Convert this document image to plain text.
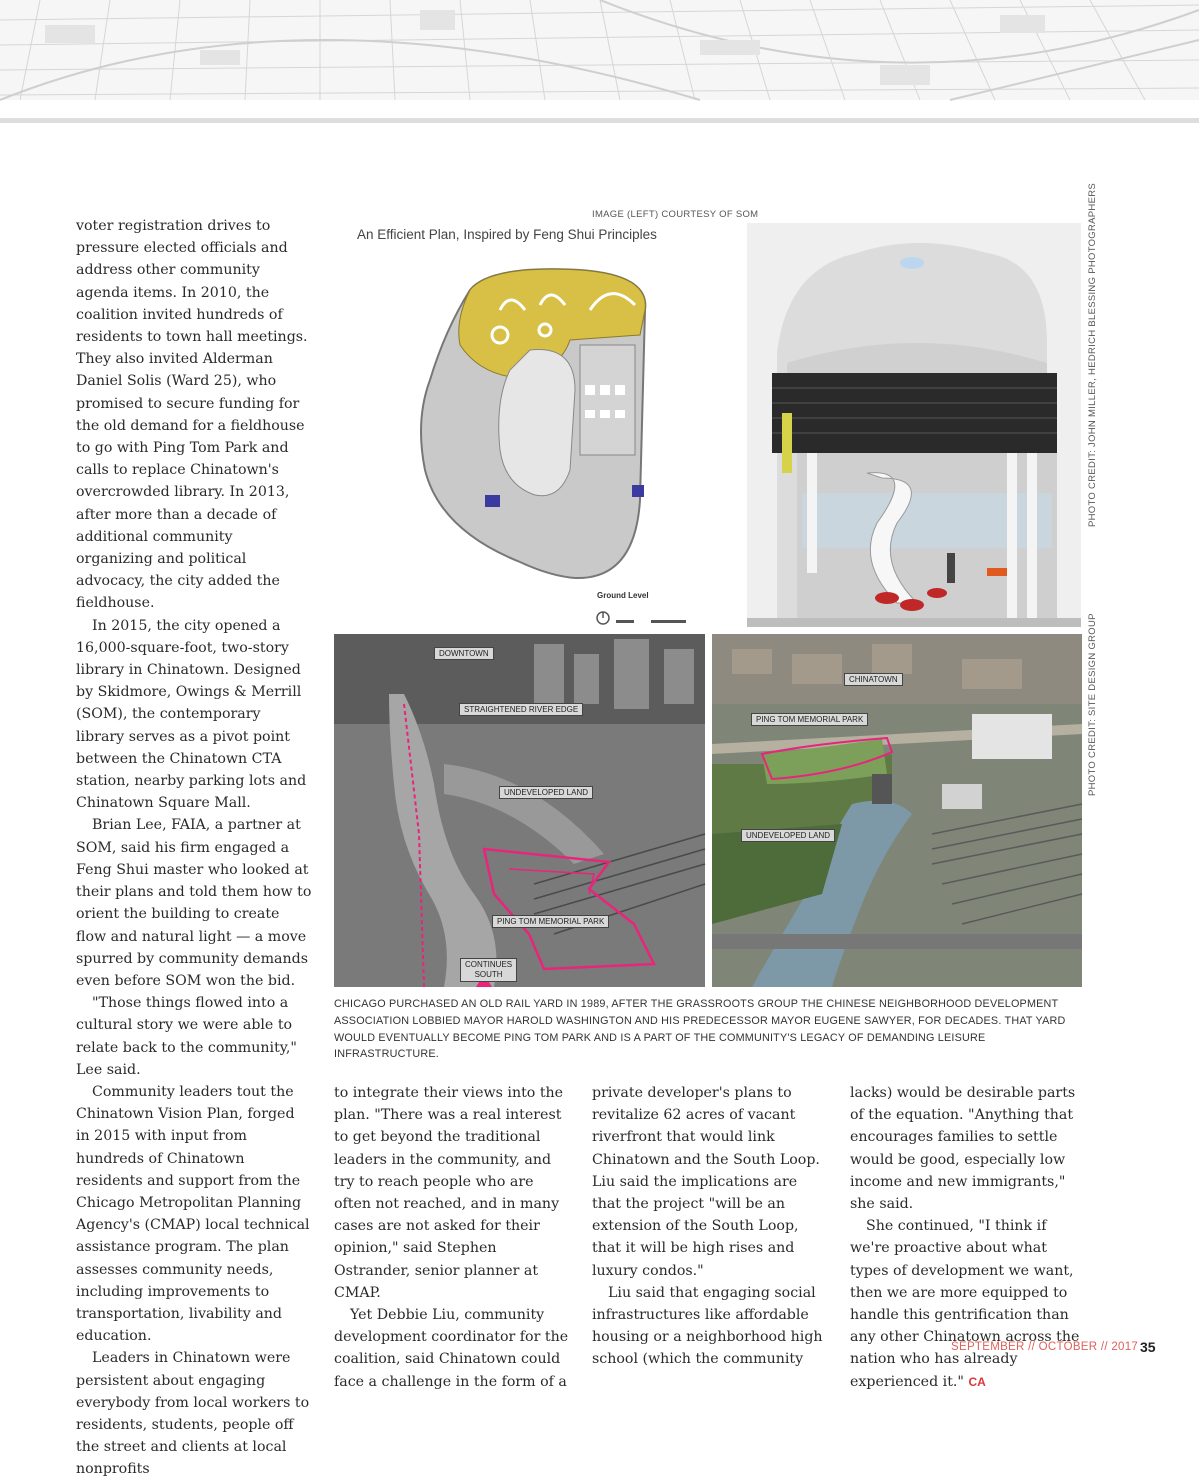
IMAGE (LEFT) COURTESY OF SOM	PHOTO CREDIT: JOHN MILLER, HEDRICH BLESSING PHOTOGRAPHERS
PHOTO CREDIT: SITE DESIGN GROUP
An Efficient Plan, Inspired by Feng Shui Principles
Ground Level
DOWNTOWN
STRAIGHTENED RIVER EDGE
UNDEVELOPED LAND
PING TOM MEMORIAL PARK
CONTINUES
SOUTH
CHINATOWN
PING TOM MEMORIAL PARK
UNDEVELOPED LAND
CHICAGO PURCHASED AN OLD RAIL YARD IN 1989, AFTER THE GRASSROOTS GROUP THE CHINESE NEIGHBORHOOD DEVELOPMENT ASSOCIATION LOBBIED MAYOR HAROLD WASHINGTON AND HIS PREDECESSOR MAYOR EUGENE SAWYER, FOR DECADES. THAT YARD WOULD EVENTUALLY BECOME PING TOM PARK AND IS A PART OF THE COMMUNITY'S LEGACY OF DEMANDING LEISURE INFRASTRUCTURE.

voter registration drives to pressure elected officials and address other community agenda items. In 2010, the coalition invited hundreds of residents to town hall meetings. They also invited Alderman Daniel Solis (Ward 25), who promised to secure funding for the old demand for a fieldhouse to go with Ping Tom Park and calls to replace Chinatown's overcrowded library. In 2013, after more than a decade of additional community organizing and political advocacy, the city added the fieldhouse.

In 2015, the city opened a 16,000-square-foot, two-story library in Chinatown. Designed by Skidmore, Owings & Merrill (SOM), the contemporary library serves as a pivot point between the Chinatown CTA station, nearby parking lots and Chinatown Square Mall.

Brian Lee, FAIA, a partner at SOM, said his firm engaged a Feng Shui master who looked at their plans and told them how to orient the building to create flow and natural light — a move spurred by community demands even before SOM won the bid.

"Those things flowed into a cultural story we were able to relate back to the community," Lee said.

Community leaders tout the Chinatown Vision Plan, forged in 2015 with input from hundreds of Chinatown residents and support from the Chicago Metropolitan Planning Agency's (CMAP) local technical assistance program. The plan assesses community needs, including improvements to transportation, livability and education.

Leaders in Chinatown were persistent about engaging everybody from local workers to residents, students, people off the street and clients at local nonprofits

to integrate their views into the plan. "There was a real interest to get beyond the traditional leaders in the community, and try to reach people who are often not reached, and in many cases are not asked for their opinion," said Stephen Ostrander, senior planner at CMAP.

Yet Debbie Liu, community development coordinator for the coalition, said Chinatown could face a challenge in the form of a

private developer's plans to revitalize 62 acres of vacant riverfront that would link Chinatown and the South Loop. Liu said the implications are that the project "will be an extension of the South Loop, that it will be high rises and luxury condos."

Liu said that engaging social infrastructures like affordable housing or a neighborhood high school (which the community

lacks) would be desirable parts of the equation. "Anything that encourages families to settle would be good, especially low income and new immigrants," she said.

She continued, "I think if we're proactive about what types of development we want, then we are more equipped to handle this gentrification than any other Chinatown across the nation who has already experienced it." CA

SEPTEMBER // OCTOBER // 2017 35
